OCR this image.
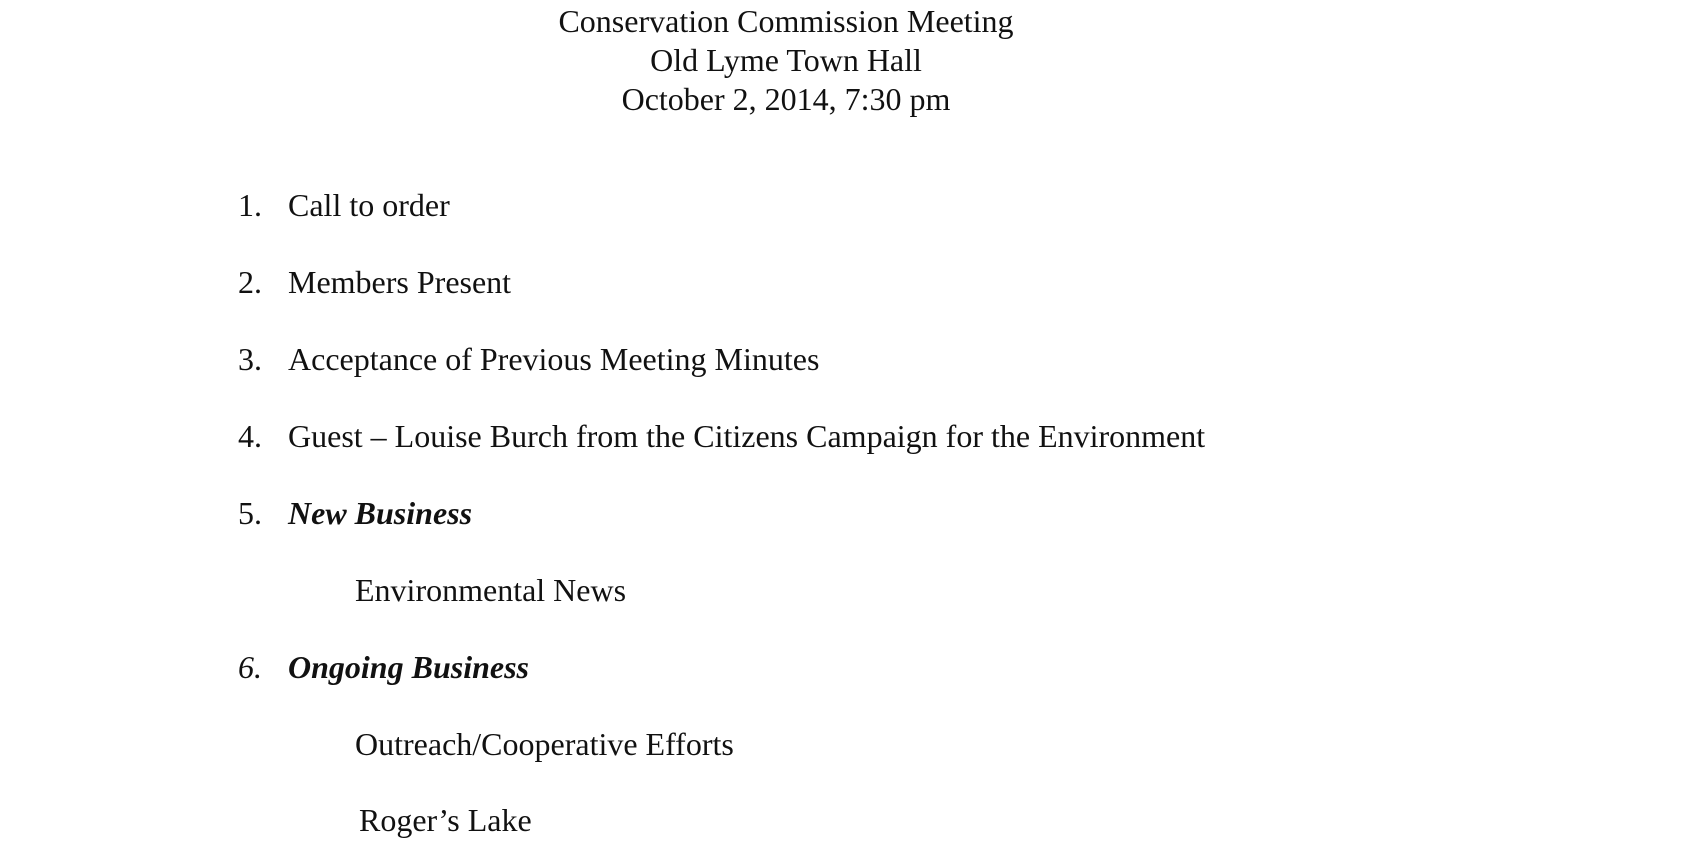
Conservation Commission Meeting
Old Lyme Town Hall
October 2, 2014, 7:30 pm
1. Call to order
2. Members Present
3. Acceptance of Previous Meeting Minutes
4. Guest – Louise Burch from the Citizens Campaign for the Environment
5. New Business
Environmental News
6. Ongoing Business
Outreach/Cooperative Efforts
Roger’s Lake
